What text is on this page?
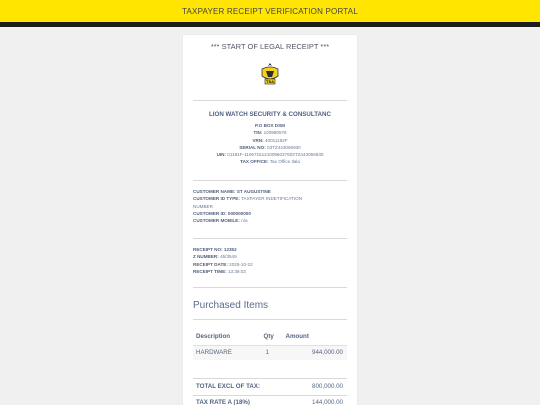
TAXPAYER RECEIPT VERIFICATION PORTAL
*** START OF LEGAL RECEIPT ***
TRA
LION WATCH SECURITY & CONSULTANC
P.O BOX DSM
TIN: 100980576
VRN: 40011182F
SERIAL NO: 03TZ443066930
UIN: 01181F-11067151210096037603TZ443066930
TAX OFFICE: Tax Office Ilala
CUSTOMER NAME: ST AUGUSTINE
CUSTOMER ID TYPE: TAXPAYER INDETIFICATION
NUMBER
CUSTOMER ID: 000000000
CUSTOMER MOBILE: n/a
RECEIPT NO: 12352
Z NUMBER: 45/3549
RECEIPT DATE: 2025-10-22
RECEIPT TIME: 13:39:03
Purchased Items
Description	Qty	Amount
HARDWARE	1	944,000.00
TOTAL EXCL OF TAX:	800,000.00
TAX RATE A (18%)	144,000.00
